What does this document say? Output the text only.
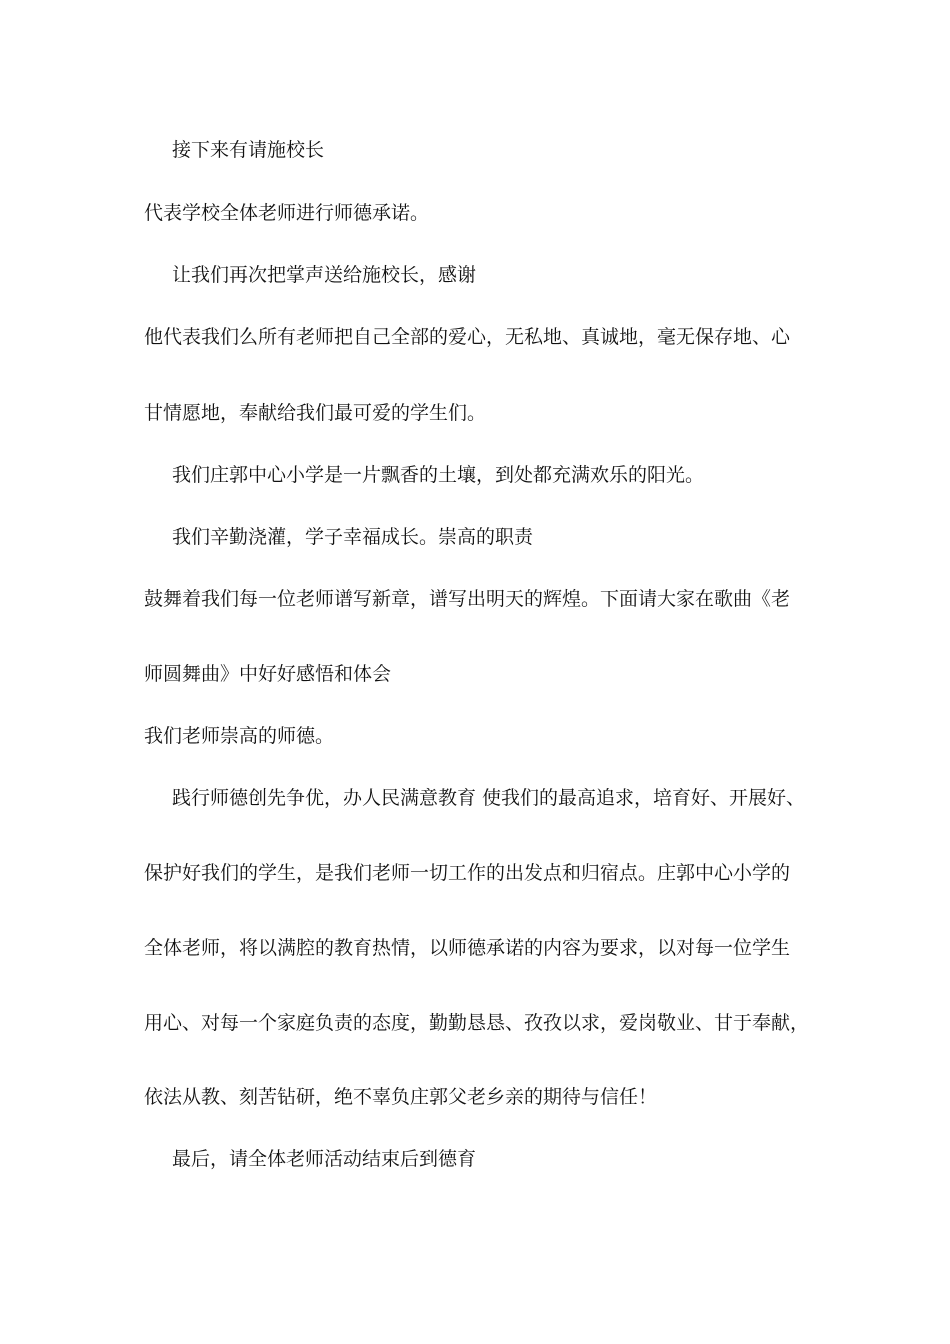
接下来有请施校长

代表学校全体老师进行师德承诺。

让我们再次把掌声送给施校长，感谢

他代表我们么所有老师把自己全部的爱心，无私地、真诚地，毫无保存地、心

甘情愿地，奉献给我们最可爱的学生们。

我们庄郭中心小学是一片飘香的土壤，到处都充满欢乐的阳光。

我们辛勤浇灌，学子幸福成长。崇高的职责

鼓舞着我们每一位老师谱写新章，谱写出明天的辉煌。下面请大家在歌曲《老

师圆舞曲》中好好感悟和体会

我们老师崇高的师德。

践行师德创先争优，办人民满意教育 使我们的最高追求，培育好、开展好、

保护好我们的学生，是我们老师一切工作的出发点和归宿点。庄郭中心小学的

全体老师，将以满腔的教育热情，以师德承诺的内容为要求，以对每一位学生

用心、对每一个家庭负责的态度，勤勤恳恳、孜孜以求，爱岗敬业、甘于奉献，

依法从教、刻苦钻研，绝不辜负庄郭父老乡亲的期待与信任！

最后，请全体老师活动结束后到德育
